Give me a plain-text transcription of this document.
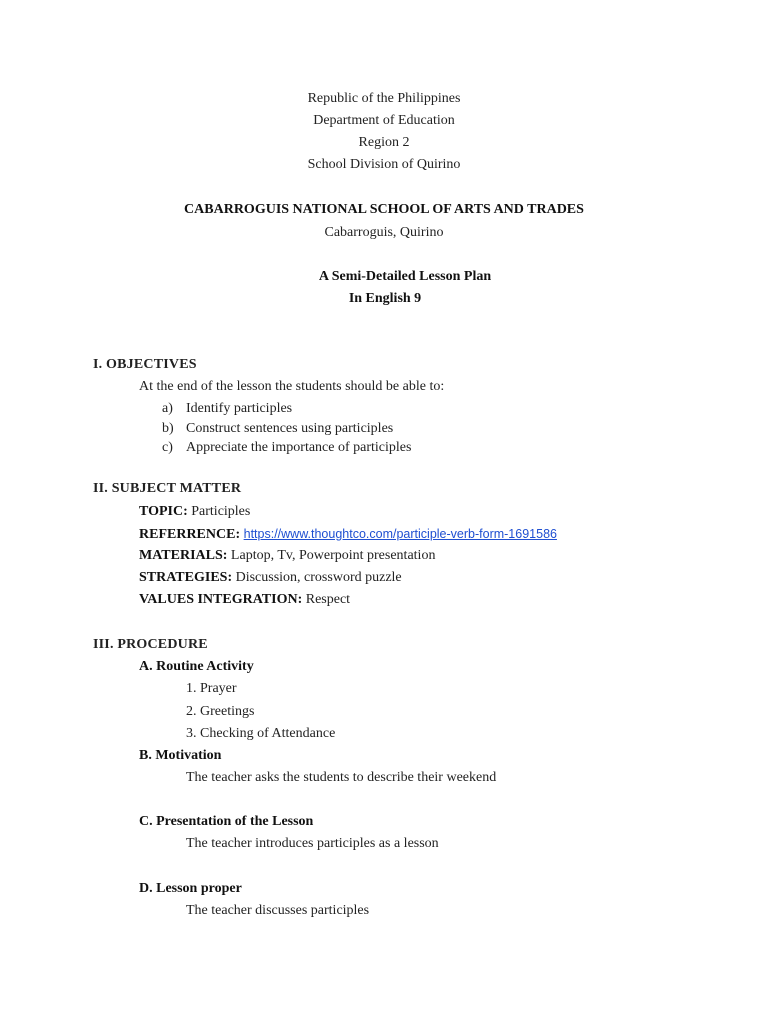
Republic of the Philippines
Department of Education
Region 2
School Division of Quirino
CABARROGUIS NATIONAL SCHOOL OF ARTS AND TRADES
Cabarroguis, Quirino
A Semi-Detailed Lesson Plan
In English 9
I. OBJECTIVES
At the end of the lesson the students should be able to:
a) Identify participles
b) Construct sentences using participles
c) Appreciate the importance of participles
II. SUBJECT MATTER
TOPIC: Participles
REFERRENCE: https://www.thoughtco.com/participle-verb-form-1691586
MATERIALS: Laptop, Tv, Powerpoint presentation
STRATEGIES: Discussion, crossword puzzle
VALUES INTEGRATION: Respect
III. PROCEDURE
A. Routine Activity
1. Prayer
2. Greetings
3. Checking of Attendance
B. Motivation
The teacher asks the students to describe their weekend
C. Presentation of the Lesson
The teacher introduces participles as a lesson
D. Lesson proper
The teacher discusses participles
